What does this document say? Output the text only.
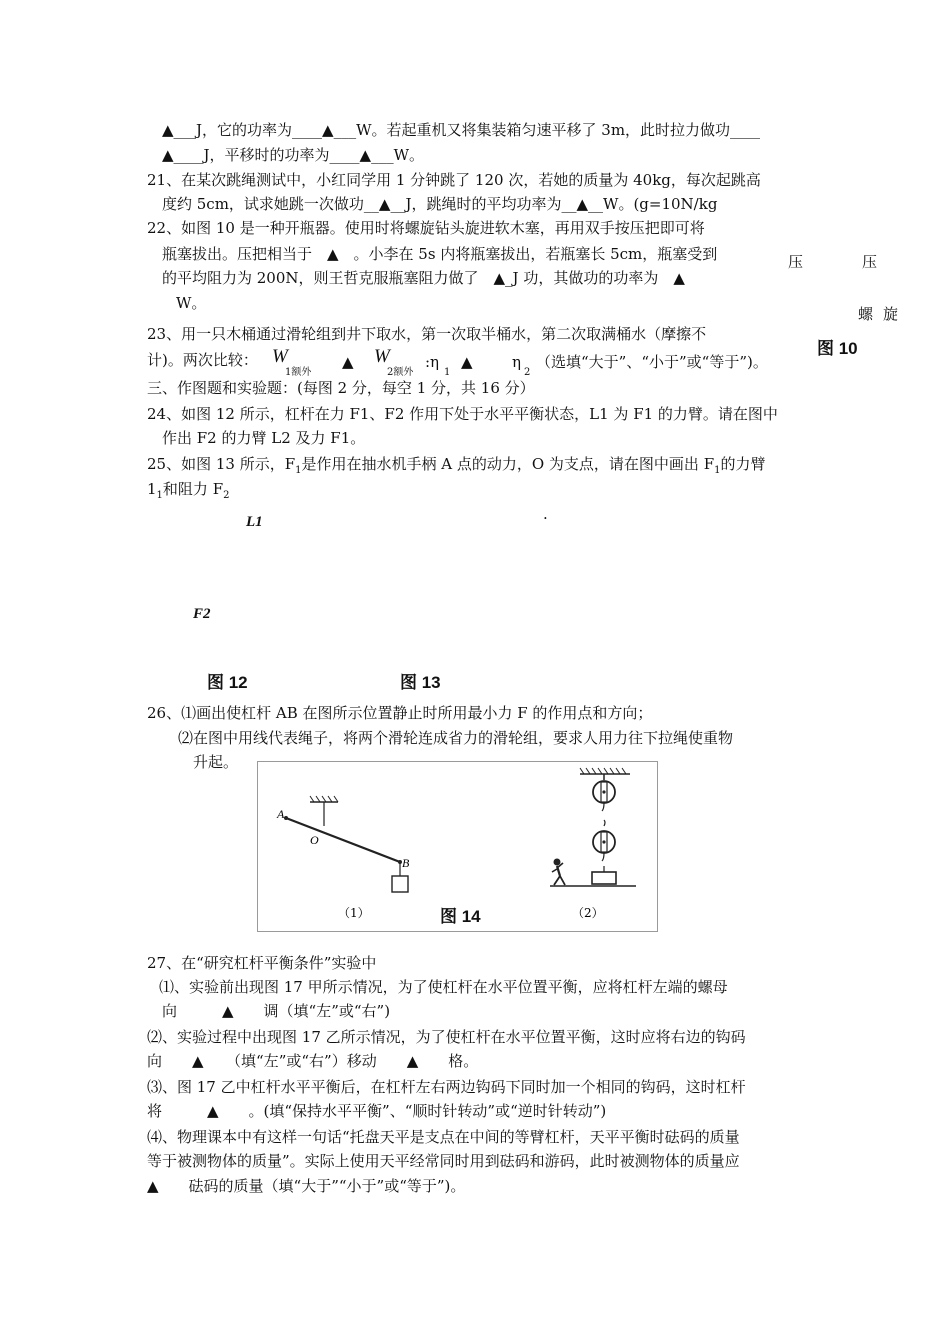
▲___J，它的功率为____▲___W。若起重机又将集装箱匀速平移了 3m，此时拉力做功____
▲____J，平移时的功率为____▲___W。
21、在某次跳绳测试中，小红同学用 1 分钟跳了 120 次，若她的质量为 40kg，每次起跳高
度约 5cm，试求她跳一次做功__▲__J，跳绳时的平均功率为__▲__W。(g=10N/kg
22、如图 10 是一种开瓶器。使用时将螺旋钻头旋进软木塞，再用双手按压把即可将
瓶塞拔出。压把相当于　▲　。小李在 5s 内将瓶塞拔出，若瓶塞长 5cm，瓶塞受到
的平均阻力为 200N，则王哲克服瓶塞阻力做了　▲_J 功，其做功的功率为　▲
W。
压	压
螺 旋
图 10
23、用一只木桶通过滑轮组到井下取水，第一次取半桶水，第二次取满桶水（摩擦不
计)。两次比较： W
1额外
▲ W
2额外
:η
1
▲	η
2
（选填“大于”、“小于”或“等于”)。
三、作图题和实验题：(每图 2 分，每空 1 分，共 16 分）
24、如图 12 所示，杠杆在力 F1、F2 作用下处于水平平衡状态，L1 为 F1 的力臂。请在图中
作出 F2 的力臂 L2 及力 F1。
25、如图 13 所示，$F_1$是作用在抽水机手柄 A 点的动力，O 为支点，请在图中画出 $F_1$的力臂
$1_1$和阻力 $F_2$
L1	.
F2
图 12	图 13
26、⑴画出使杠杆 AB 在图所示位置静止时所用最小力 F 的作用点和方向；
⑵在图中用线代表绳子，将两个滑轮连成省力的滑轮组，要求人用力往下拉绳使重物
升起。
A
O
B
（1）	（2）
图 14
27、在“研究杠杆平衡条件”实验中
⑴、实验前出现图 17 甲所示情况，为了使杠杆在水平位置平衡，应将杠杆左端的螺母
向　　　▲　　调（填“左”或“右”)
⑵、实验过程中出现图 17 乙所示情况，为了使杠杆在水平位置平衡，这时应将右边的钩码
向　　▲　　（填“左”或“右”）移动　　▲　　格。
⑶、图 17 乙中杠杆水平平衡后，在杠杆左右两边钩码下同时加一个相同的钩码，这时杠杆
将　　　▲　　。(填“保持水平平衡”、“顺时针转动”或“逆时针转动”)
⑷、物理课本中有这样一句话“托盘天平是支点在中间的等臂杠杆，天平平衡时砝码的质量
等于被测物体的质量”。实际上使用天平经常同时用到砝码和游码，此时被测物体的质量应
▲　　砝码的质量（填“大于”“小于”或“等于”)。
